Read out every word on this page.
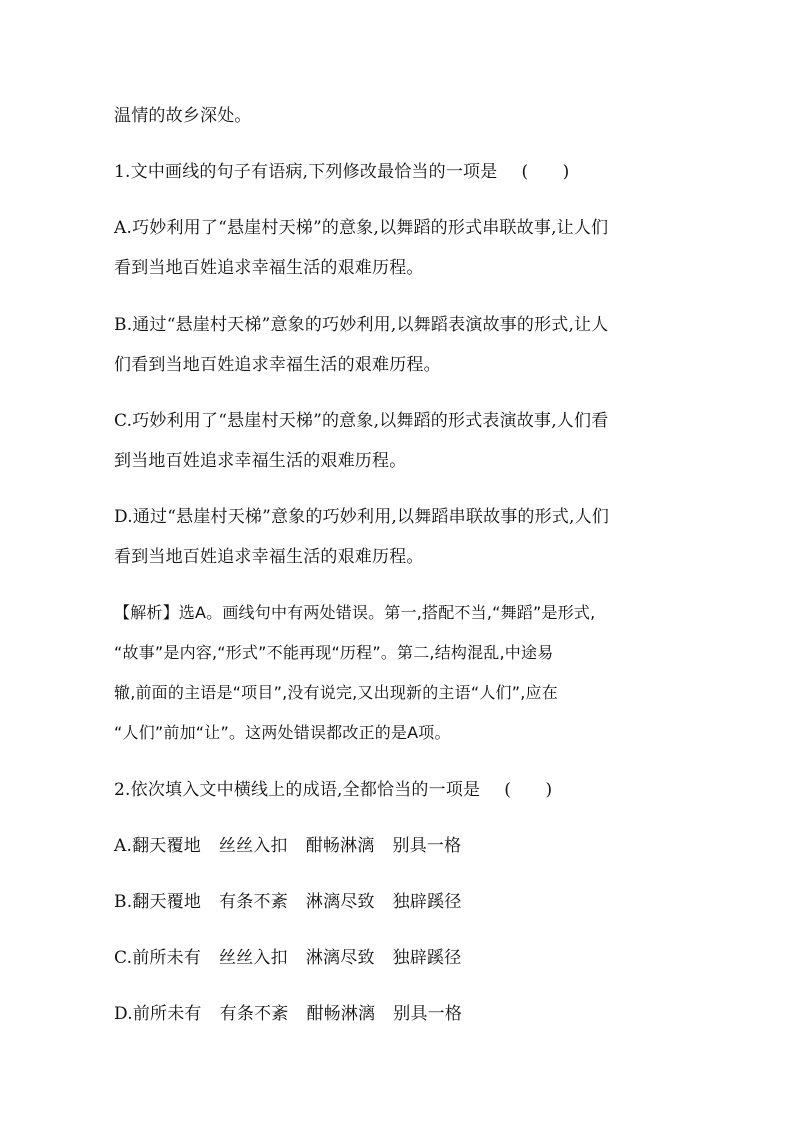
温情的故乡深处。
1.文中画线的句子有语病,下列修改最恰当的一项是 (　　)
A.巧妙利用了“悬崖村天梯”的意象,以舞蹈的形式串联故事,让人们
看到当地百姓追求幸福生活的艰难历程。
B.通过“悬崖村天梯”意象的巧妙利用,以舞蹈表演故事的形式,让人
们看到当地百姓追求幸福生活的艰难历程。
C.巧妙利用了“悬崖村天梯”的意象,以舞蹈的形式表演故事,人们看
到当地百姓追求幸福生活的艰难历程。
D.通过“悬崖村天梯”意象的巧妙利用,以舞蹈串联故事的形式,人们
看到当地百姓追求幸福生活的艰难历程。
【解析】选A。画线句中有两处错误。第一,搭配不当,“舞蹈”是形式,
“故事”是内容,“形式”不能再现“历程”。第二,结构混乱,中途易
辙,前面的主语是“项目”,没有说完,又出现新的主语“人们”,应在
“人们”前加“让”。这两处错误都改正的是A项。
2.依次填入文中横线上的成语,全都恰当的一项是 (　　)
A.翻天覆地 丝丝入扣 酣畅淋漓 别具一格
B.翻天覆地 有条不紊 淋漓尽致 独辟蹊径
C.前所未有 丝丝入扣 淋漓尽致 独辟蹊径
D.前所未有 有条不紊 酣畅淋漓 别具一格
